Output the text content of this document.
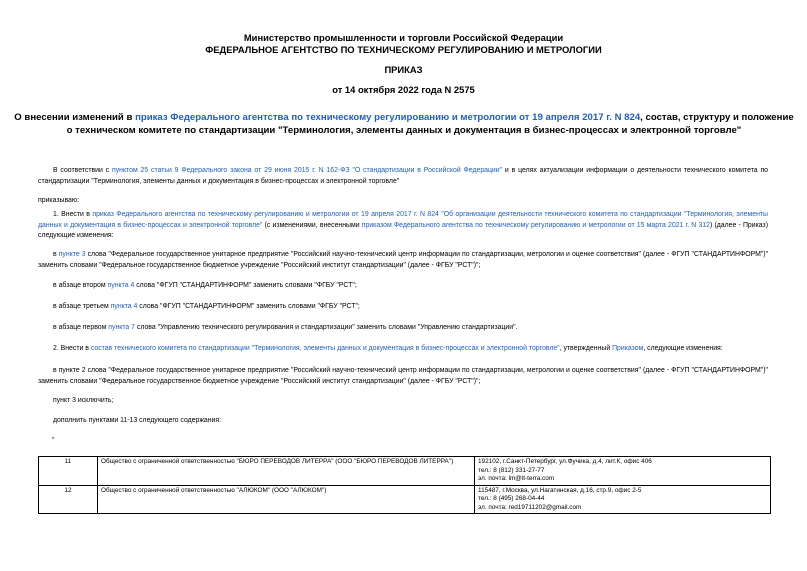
Министерство промышленности и торговли Российской Федерации
ФЕДЕРАЛЬНОЕ АГЕНТСТВО ПО ТЕХНИЧЕСКОМУ РЕГУЛИРОВАНИЮ И МЕТРОЛОГИИ
ПРИКАЗ
от 14 октября 2022 года N 2575
О внесении изменений в приказ Федерального агентства по техническому регулированию и метрологии от 19 апреля 2017 г. N 824, состав, структуру и положение о техническом комитете по стандартизации "Терминология, элементы данных и документация в бизнес-процессах и электронной торговле"
В соответствии с пунктом 25 статьи 9 Федерального закона от 29 июня 2015 г. N 162-ФЗ "О стандартизации в Российской Федерации" и в целях актуализации информации о деятельности технического комитета по стандартизации "Терминология, элементы данных и документация в бизнес-процессах и электронной торговле"
приказываю:
1. Внести в приказ Федерального агентства по техническому регулированию и метрологии от 19 апреля 2017 г. N 824 "Об организации деятельности технического комитета по стандартизации "Терминология, элементы данных и документация в бизнес-процессах и электронной торговле" (с изменениями, внесенными приказом Федерального агентства по техническому регулированию и метрологии от 15 марта 2021 г. N 312) (далее - Приказ) следующие изменения:
в пункте 3 слова "Федеральное государственное унитарное предприятие "Российский научно-технический центр информации по стандартизации, метрологии и оценке соответствия" (далее - ФГУП "СТАНДАРТИНФОРМ")" заменить словами "Федеральное государственное бюджетное учреждение "Российский институт стандартизации" (далее - ФГБУ "РСТ")";
в абзаце втором пункта 4 слова "ФГУП "СТАНДАРТИНФОРМ" заменить словами "ФГБУ "РСТ";
в абзаце третьем пункта 4 слова "ФГУП "СТАНДАРТИНФОРМ" заменить словами "ФГБУ "РСТ";
в абзаце первом пункта 7 слова "Управлению технического регулирования и стандартизации" заменить словами "Управлению стандартизации".
2. Внести в состав технического комитета по стандартизации "Терминология, элементы данных и документация в бизнес-процессах и электронной торговле", утвержденный Приказом, следующие изменения:
в пункте 2 слова "Федеральное государственное унитарное предприятие "Российский научно-технический центр информации по стандартизации, метрологии и оценке соответствия" (далее - ФГУП "СТАНДАРТИНФОРМ")" заменить словами "Федеральное государственное бюджетное учреждение "Российский институт стандартизации" (далее - ФГБУ "РСТ")";
пункт 3 исключить;
дополнить пунктами 11-13 следующего содержания:
"
11	Общество с ограниченной ответственностью "БЮРО ПЕРЕВОДОВ ЛИТЕРРА" (ООО "БЮРО ПЕРЕВОДОВ ЛИТЕРРА")	192102, г.Санкт-Петербург, ул.Фучика, д.4, лит.К, офис 406
тел.: 8 (812) 331-27-77
эл. почта: lm@lt-terra.com

12	Общество с ограниченной ответственностью "АЛЮКОМ" (ООО "АЛЮКОМ")	115487, г.Москва, ул.Нагатинская, д.16, стр.9, офис 2-5
тел.: 8 (495) 268-04-44
эл. почта: red19711202@gmail.com
